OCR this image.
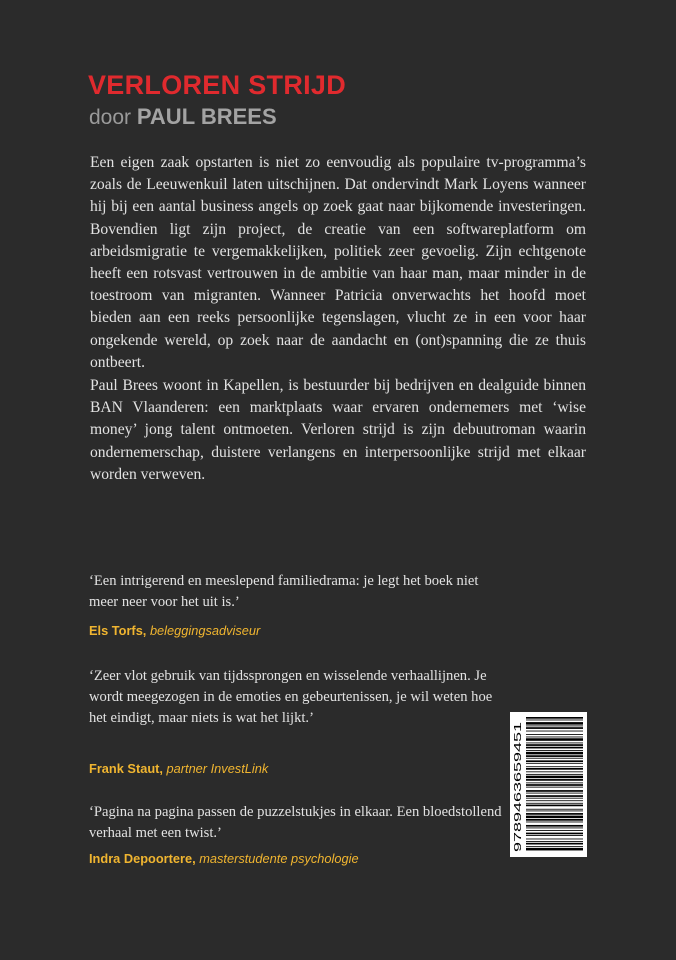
VERLOREN STRIJD
door PAUL BREES

Een eigen zaak opstarten is niet zo eenvoudig als populaire tv-programma’s zoals de Leeuwenkuil laten uitschijnen. Dat ondervindt Mark Loyens wanneer hij bij een aantal business angels op zoek gaat naar bijkomende investeringen. Bovendien ligt zijn project, de creatie van een softwareplatform om arbeidsmigratie te vergemakkelijken, politiek zeer gevoelig. Zijn echtgenote heeft een rotsvast vertrouwen in de ambitie van haar man, maar minder in de toestroom van migranten. Wanneer Patricia onverwachts het hoofd moet bieden aan een reeks persoonlijke tegenslagen, vlucht ze in een voor haar ongekende wereld, op zoek naar de aandacht en (ont)spanning die ze thuis ontbeert.

Paul Brees woont in Kapellen, is bestuurder bij bedrijven en dealguide binnen BAN Vlaanderen: een marktplaats waar ervaren ondernemers met ‘wise money’ jong talent ontmoeten. Verloren strijd is zijn debuutroman waarin ondernemerschap, duistere verlangens en interpersoonlijke strijd met elkaar worden verweven.

‘Een intrigerend en meeslepend familiedrama: je legt het boek niet meer neer voor het uit is.’

Els Torfs, beleggingsadviseur

‘Zeer vlot gebruik van tijdssprongen en wisselende verhaallijnen. Je wordt meegezogen in de emoties en gebeurtenissen, je wil weten hoe het eindigt, maar niets is wat het lijkt.’

Frank Staut, partner InvestLink

‘Pagina na pagina passen de puzzelstukjes in elkaar. Een bloedstollend verhaal met een twist.’

Indra Depoortere, masterstudente psychologie
9789463659451
